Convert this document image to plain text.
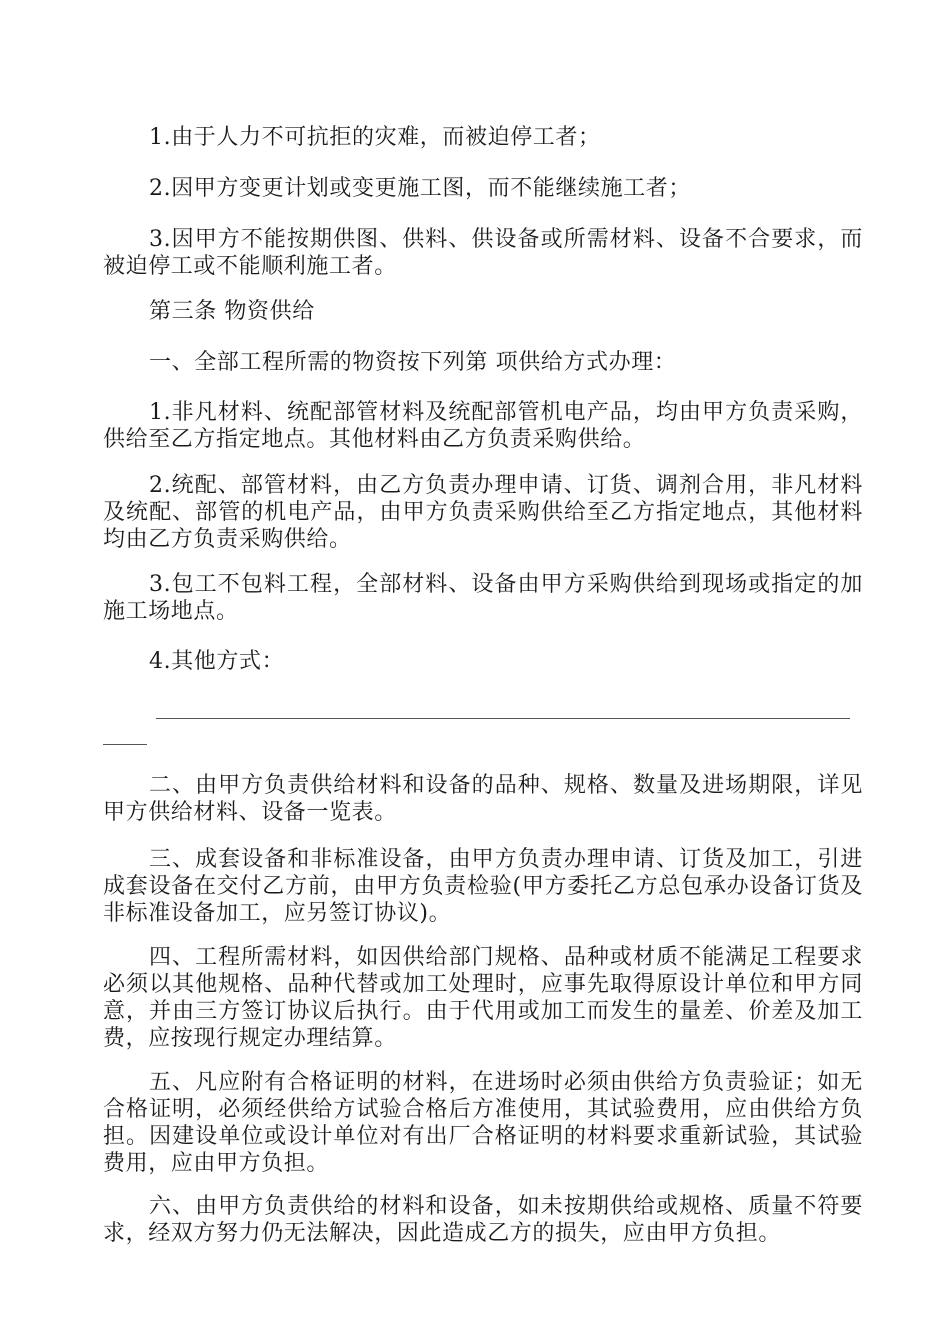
1.由于人力不可抗拒的灾难，而被迫停工者；

2.因甲方变更计划或变更施工图，而不能继续施工者；

3.因甲方不能按期供图、供料、供设备或所需材料、设备不合要求，而被迫停工或不能顺利施工者。

第三条 物资供给

一、全部工程所需的物资按下列第 项供给方式办理：

1.非凡材料、统配部管材料及统配部管机电产品，均由甲方负责采购，供给至乙方指定地点。其他材料由乙方负责采购供给。

2.统配、部管材料，由乙方负责办理申请、订货、调剂合用，非凡材料及统配、部管的机电产品，由甲方负责采购供给至乙方指定地点，其他材料均由乙方负责采购供给。

3.包工不包料工程，全部材料、设备由甲方采购供给到现场或指定的加施工场地点。

4.其他方式：

二、由甲方负责供给材料和设备的品种、规格、数量及进场期限，详见甲方供给材料、设备一览表。

三、成套设备和非标准设备，由甲方负责办理申请、订货及加工，引进成套设备在交付乙方前，由甲方负责检验(甲方委托乙方总包承办设备订货及非标准设备加工，应另签订协议)。

四、工程所需材料，如因供给部门规格、品种或材质不能满足工程要求必须以其他规格、品种代替或加工处理时，应事先取得原设计单位和甲方同意，并由三方签订协议后执行。由于代用或加工而发生的量差、价差及加工费，应按现行规定办理结算。

五、凡应附有合格证明的材料，在进场时必须由供给方负责验证；如无合格证明，必须经供给方试验合格后方准使用，其试验费用，应由供给方负担。因建设单位或设计单位对有出厂合格证明的材料要求重新试验，其试验费用，应由甲方负担。

六、由甲方负责供给的材料和设备，如未按期供给或规格、质量不符要求，经双方努力仍无法解决，因此造成乙方的损失，应由甲方负担。
